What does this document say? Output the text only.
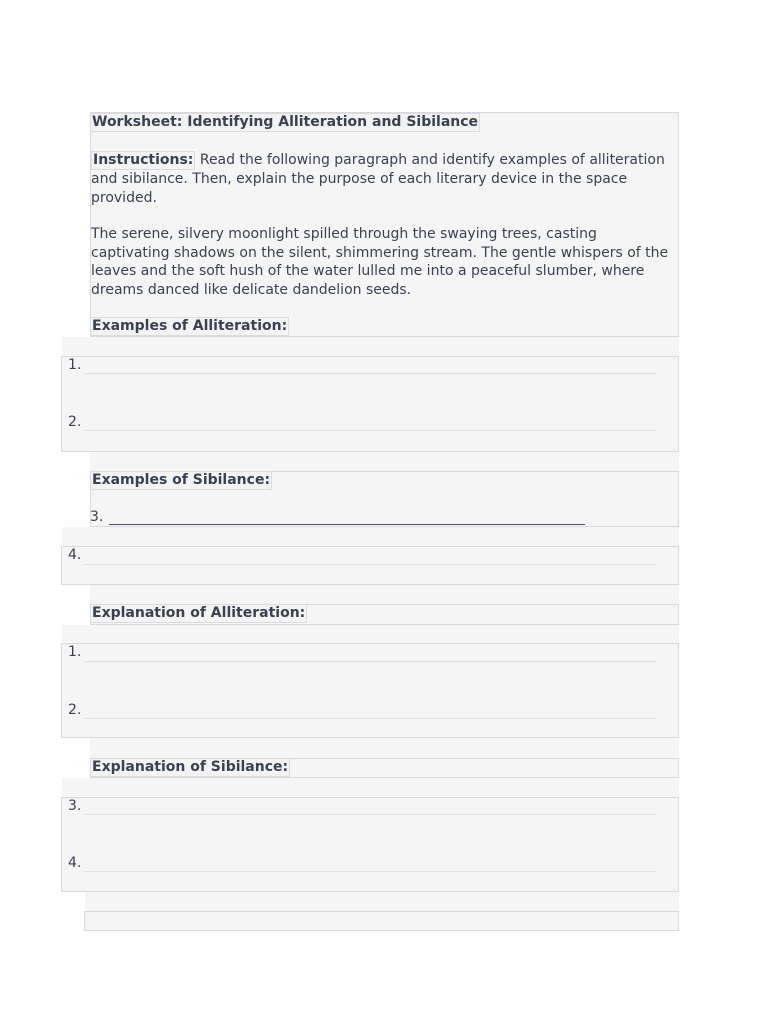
Worksheet: Identifying Alliteration and Sibilance

Instructions: Read the following paragraph and identify examples of alliteration and sibilance. Then, explain the purpose of each literary device in the space provided.

The serene, silvery moonlight spilled through the swaying trees, casting captivating shadows on the silent, shimmering stream. The gentle whispers of the leaves and the soft hush of the water lulled me into a peaceful slumber, where dreams danced like delicate dandelion seeds.

Examples of Alliteration:
1.
2.
Examples of Sibilance:
3.
4.
Explanation of Alliteration:
1.
2.
Explanation of Sibilance:
3.
4.
